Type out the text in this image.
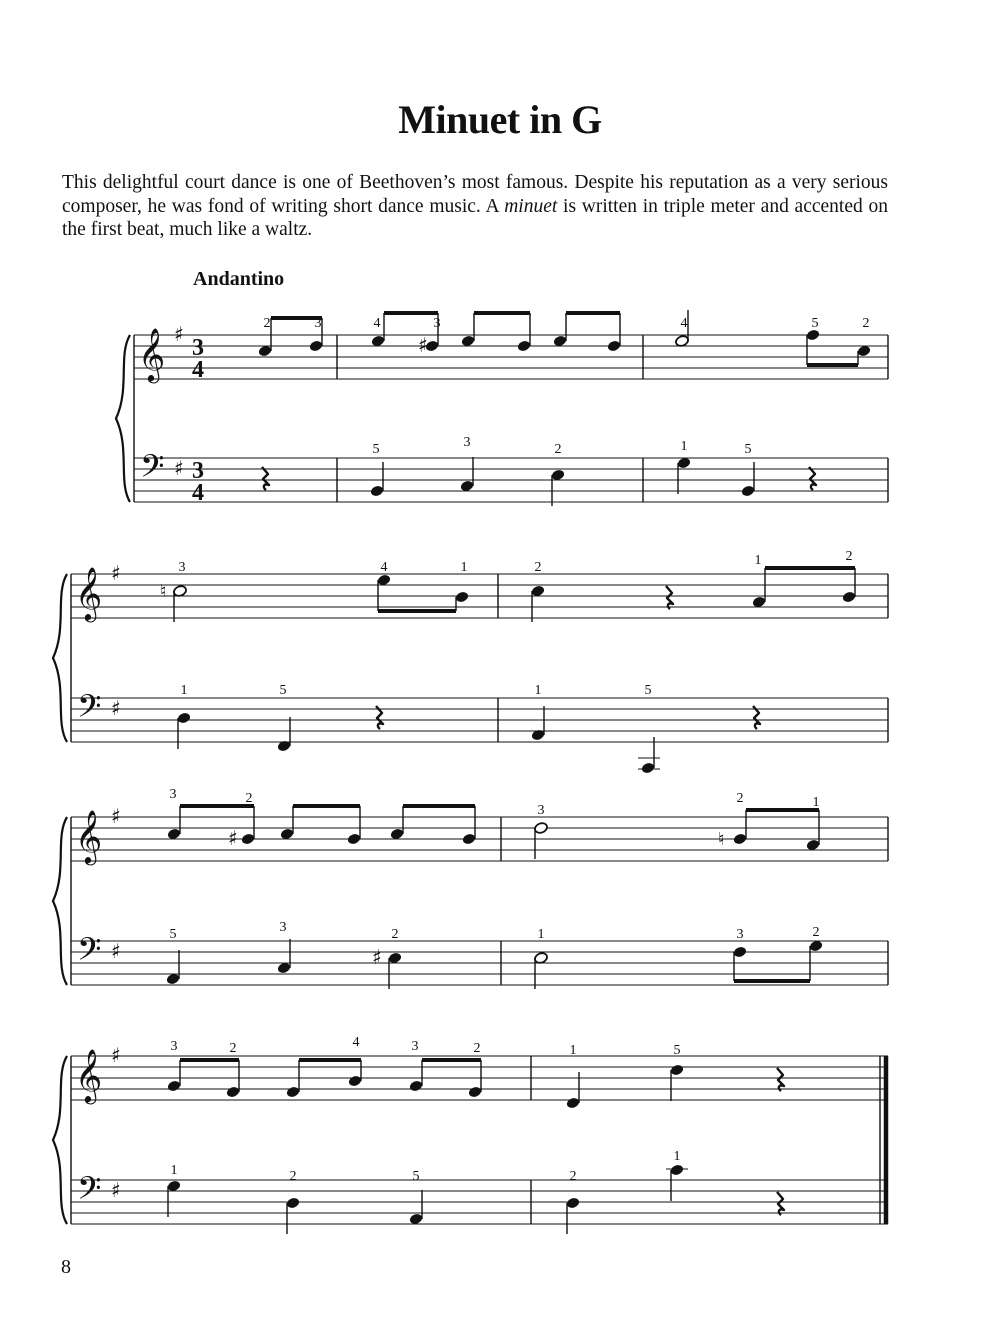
Minuet in G

This delightful court dance is one of Beethoven’s most famous. Despite his reputation as a very serious composer, he was fond of writing short dance music. A minuet is written in triple meter and accented on the first beat, much like a waltz.

Andantino
8
𝄞
𝄢
♯
♯
3
4
3
4
2	3	4	3	4	5	2
5	3	2	1	5
𝄞
𝄢
♯
♯
3	4	1	2	1	2
1	5	1	5
𝄞
𝄢
♯
♯
3	2
3
2	1
5	3	2	1	3	2
𝄞
𝄢
♯
♯
3	2	4	3	2	1	5
1	2	5	2
1
♯
♮
♯	♮
♯
